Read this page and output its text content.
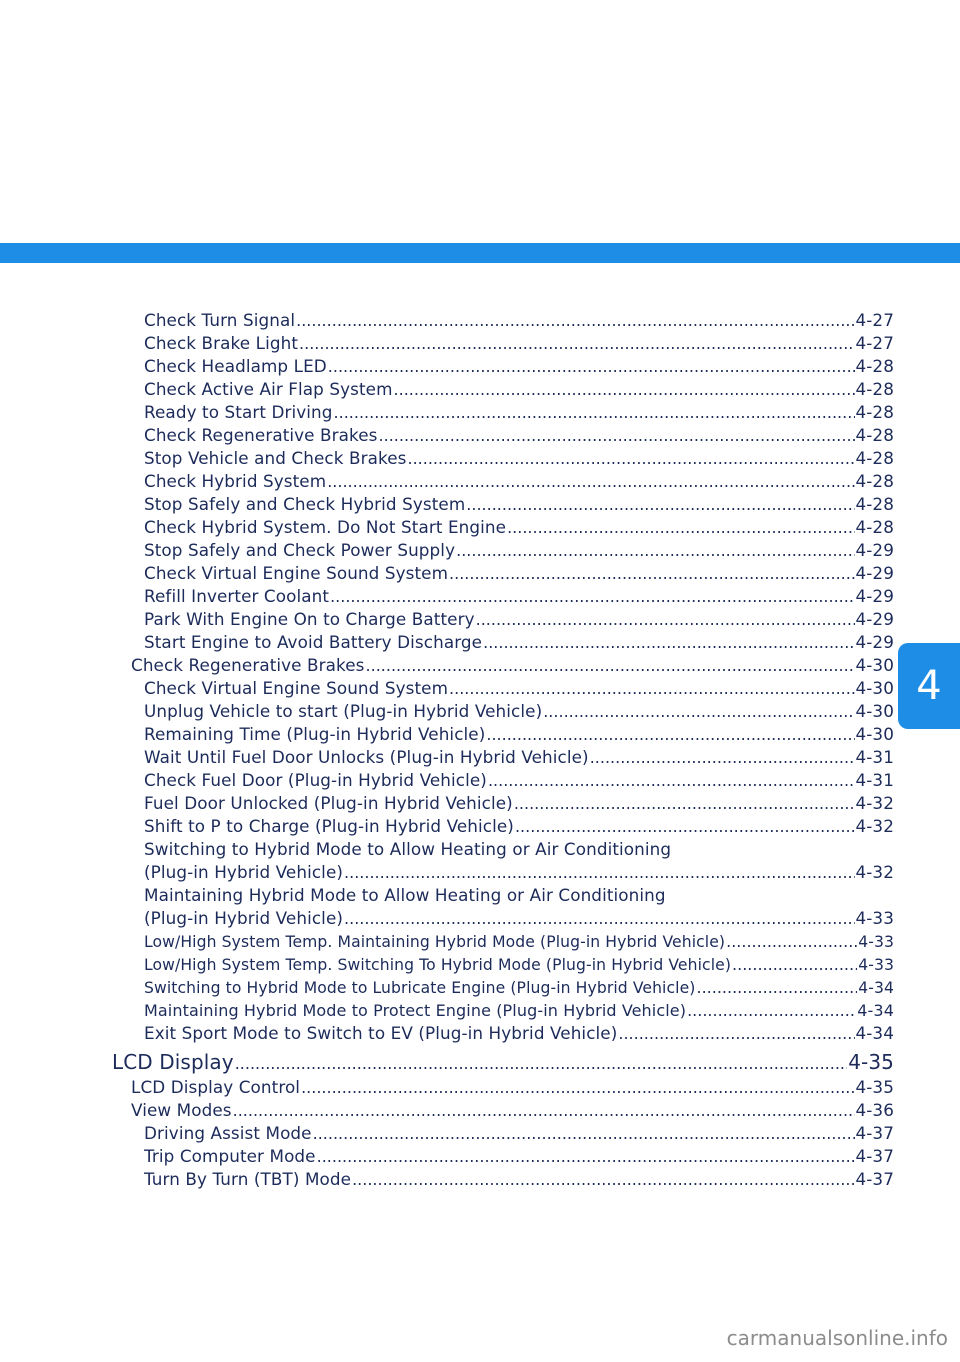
4
Check Turn Signal .....	4-27
Check Brake Light .....	4-27
Check Headlamp LED .....	4-28
Check Active Air Flap System .....	4-28
Ready to Start Driving .....	4-28
Check Regenerative Brakes .....	4-28
Stop Vehicle and Check Brakes .....	4-28
Check Hybrid System .....	4-28
Stop Safely and Check Hybrid System .....	4-28
Check Hybrid System. Do Not Start Engine .....	4-28
Stop Safely and Check Power Supply .....	4-29
Check Virtual Engine Sound System .....	4-29
Refill Inverter Coolant .....	4-29
Park With Engine On to Charge Battery .....	4-29
Start Engine to Avoid Battery Discharge .....	4-29
Check Regenerative Brakes .....	4-30
Check Virtual Engine Sound System .....	4-30
Unplug Vehicle to start (Plug-in Hybrid Vehicle) .....	4-30
Remaining Time (Plug-in Hybrid Vehicle) .....	4-30
Wait Until Fuel Door Unlocks (Plug-in Hybrid Vehicle) .....	4-31
Check Fuel Door (Plug-in Hybrid Vehicle) .....	4-31
Fuel Door Unlocked (Plug-in Hybrid Vehicle) .....	4-32
Shift to P to Charge (Plug-in Hybrid Vehicle) .....	4-32
Switching to Hybrid Mode to Allow Heating or Air Conditioning
(Plug-in Hybrid Vehicle) .....	4-32
Maintaining Hybrid Mode to Allow Heating or Air Conditioning
(Plug-in Hybrid Vehicle) .....	4-33
Low/High System Temp. Maintaining Hybrid Mode (Plug-in Hybrid Vehicle) .....	4-33
Low/High System Temp. Switching To Hybrid Mode (Plug-in Hybrid Vehicle) .....	4-33
Switching to Hybrid Mode to Lubricate Engine (Plug-in Hybrid Vehicle) .....	4-34
Maintaining Hybrid Mode to Protect Engine (Plug-in Hybrid Vehicle) .....	4-34
Exit Sport Mode to Switch to EV (Plug-in Hybrid Vehicle) .....	4-34
LCD Display .....	4-35
LCD Display Control .....	4-35
View Modes .....	4-36
Driving Assist Mode .....	4-37
Trip Computer Mode .....	4-37
Turn By Turn (TBT) Mode .....	4-37
carmanualsonline.info
